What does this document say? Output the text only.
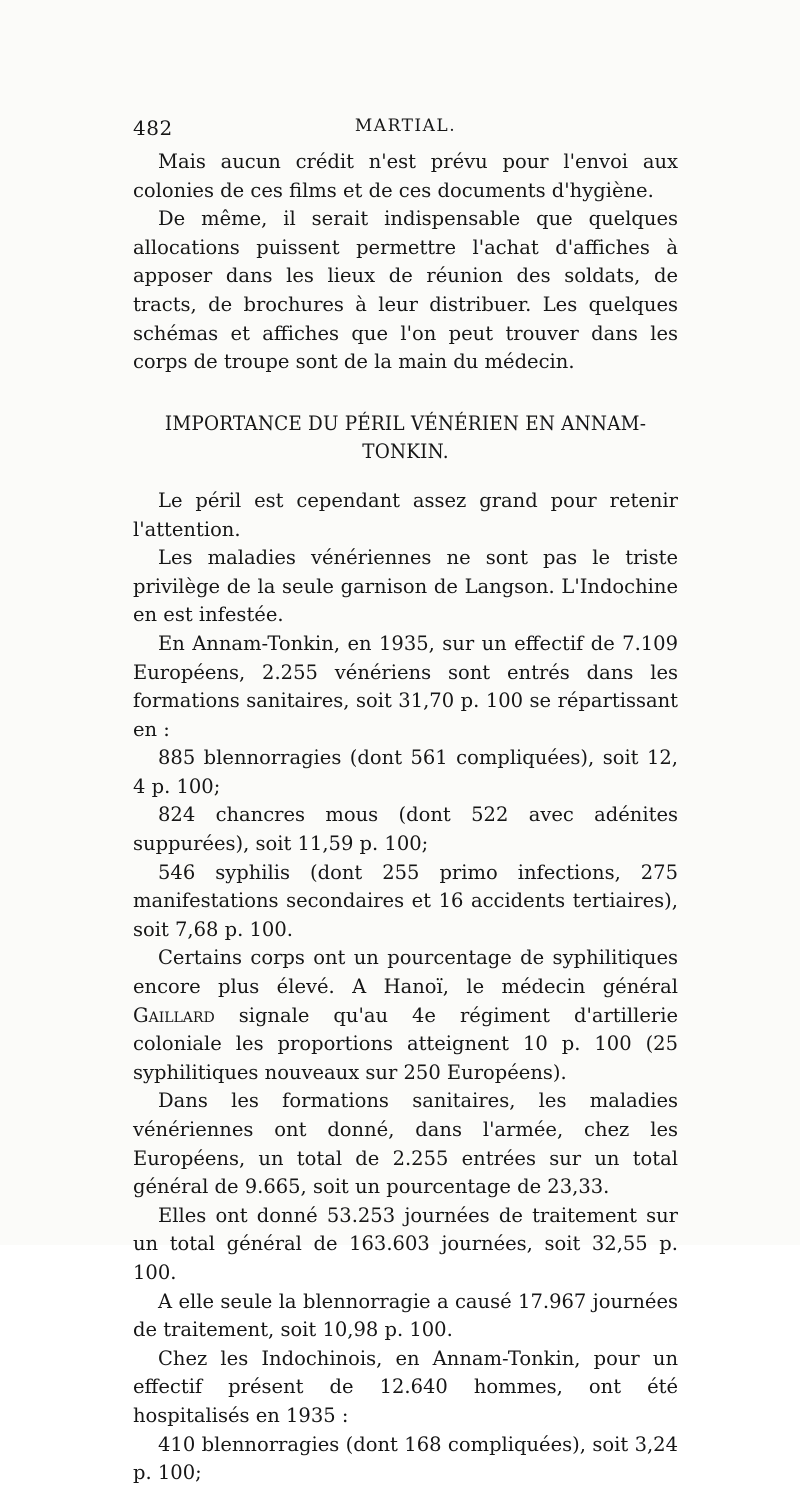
482	MARTIAL.

Mais aucun crédit n'est prévu pour l'envoi aux colonies de ces films et de ces documents d'hygiène.

De même, il serait indispensable que quelques allocations puissent permettre l'achat d'affiches à apposer dans les lieux de réunion des soldats, de tracts, de brochures à leur distribuer. Les quelques schémas et affiches que l'on peut trouver dans les corps de troupe sont de la main du médecin.

IMPORTANCE DU PÉRIL VÉNÉRIEN EN ANNAM-TONKIN.

Le péril est cependant assez grand pour retenir l'attention.

Les maladies vénériennes ne sont pas le triste privilège de la seule garnison de Langson. L'Indochine en est infestée.

En Annam-Tonkin, en 1935, sur un effectif de 7.109 Européens, 2.255 vénériens sont entrés dans les formations sanitaires, soit 31,70 p. 100 se répartissant en :

885 blennorragies (dont 561 compliquées), soit 12, 4 p. 100;

824 chancres mous (dont 522 avec adénites suppurées), soit 11,59 p. 100;

546 syphilis (dont 255 primo infections, 275 manifestations secondaires et 16 accidents tertiaires), soit 7,68 p. 100.

Certains corps ont un pourcentage de syphilitiques encore plus élevé. A Hanoï, le médecin général Gaillard signale qu'au 4e régiment d'artillerie coloniale les proportions atteignent 10 p. 100 (25 syphilitiques nouveaux sur 250 Européens).

Dans les formations sanitaires, les maladies vénériennes ont donné, dans l'armée, chez les Européens, un total de 2.255 entrées sur un total général de 9.665, soit un pourcentage de 23,33.

Elles ont donné 53.253 journées de traitement sur un total général de 163.603 journées, soit 32,55 p. 100.

A elle seule la blennorragie a causé 17.967 journées de traitement, soit 10,98 p. 100.

Chez les Indochinois, en Annam-Tonkin, pour un effectif présent de 12.640 hommes, ont été hospitalisés en 1935 :

410 blennorragies (dont 168 compliquées), soit 3,24 p. 100;
